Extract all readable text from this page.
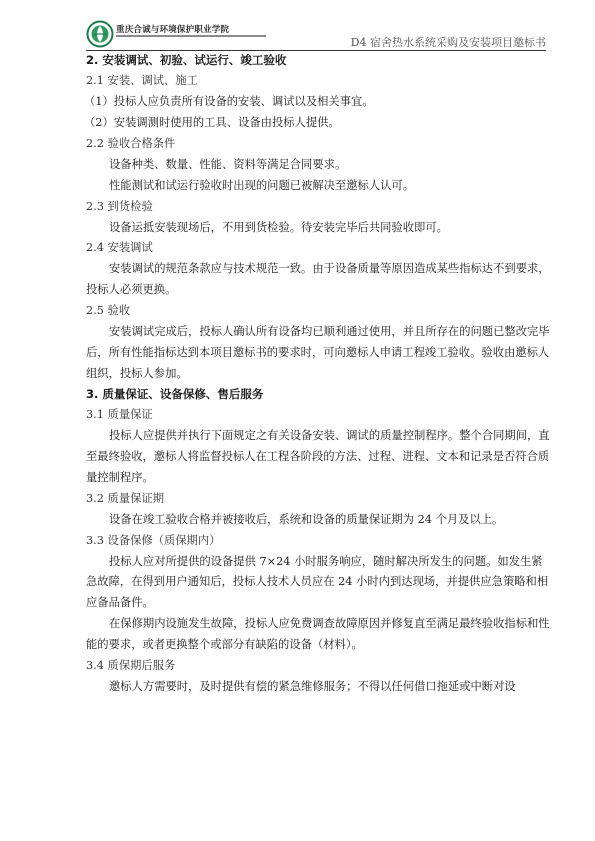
重庆合诚与环境保护职业学院
D4 宿舍热水系统采购及安装项目邀标书

2. 安装调试、初验、试运行、竣工验收

2.1 安装、调试、施工

（1）投标人应负责所有设备的安装、调试以及相关事宜。

（2）安装调测时使用的工具、设备由投标人提供。

2.2 验收合格条件

设备种类、数量、性能、资料等满足合同要求。

性能测试和试运行验收时出现的问题已被解决至邀标人认可。

2.3 到货检验

设备运抵安装现场后，不用到货检验。待安装完毕后共同验收即可。

2.4 安装调试

安装调试的规范条款应与技术规范一致。由于设备质量等原因造成某些指标达不到要求，投标人必须更换。

2.5 验收

安装调试完成后，投标人确认所有设备均已顺利通过使用，并且所存在的问题已整改完毕后，所有性能指标达到本项目邀标书的要求时，可向邀标人申请工程竣工验收。验收由邀标人组织，投标人参加。

3. 质量保证、设备保修、售后服务

3.1 质量保证

投标人应提供并执行下面规定之有关设备安装、调试的质量控制程序。整个合同期间，直至最终验收，邀标人将监督投标人在工程各阶段的方法、过程、进程、文本和记录是否符合质量控制程序。

3.2 质量保证期

设备在竣工验收合格并被接收后，系统和设备的质量保证期为 24 个月及以上。

3.3 设备保修（质保期内）

投标人应对所提供的设备提供 7×24 小时服务响应，随时解决所发生的问题。如发生紧急故障，在得到用户通知后，投标人技术人员应在 24 小时内到达现场，并提供应急策略和相应备品备件。

在保修期内设施发生故障，投标人应免费调查故障原因并修复直至满足最终验收指标和性能的要求，或者更换整个或部分有缺陷的设备（材料）。

3.4 质保期后服务

邀标人方需要时，及时提供有偿的紧急维修服务；不得以任何借口拖延或中断对设
